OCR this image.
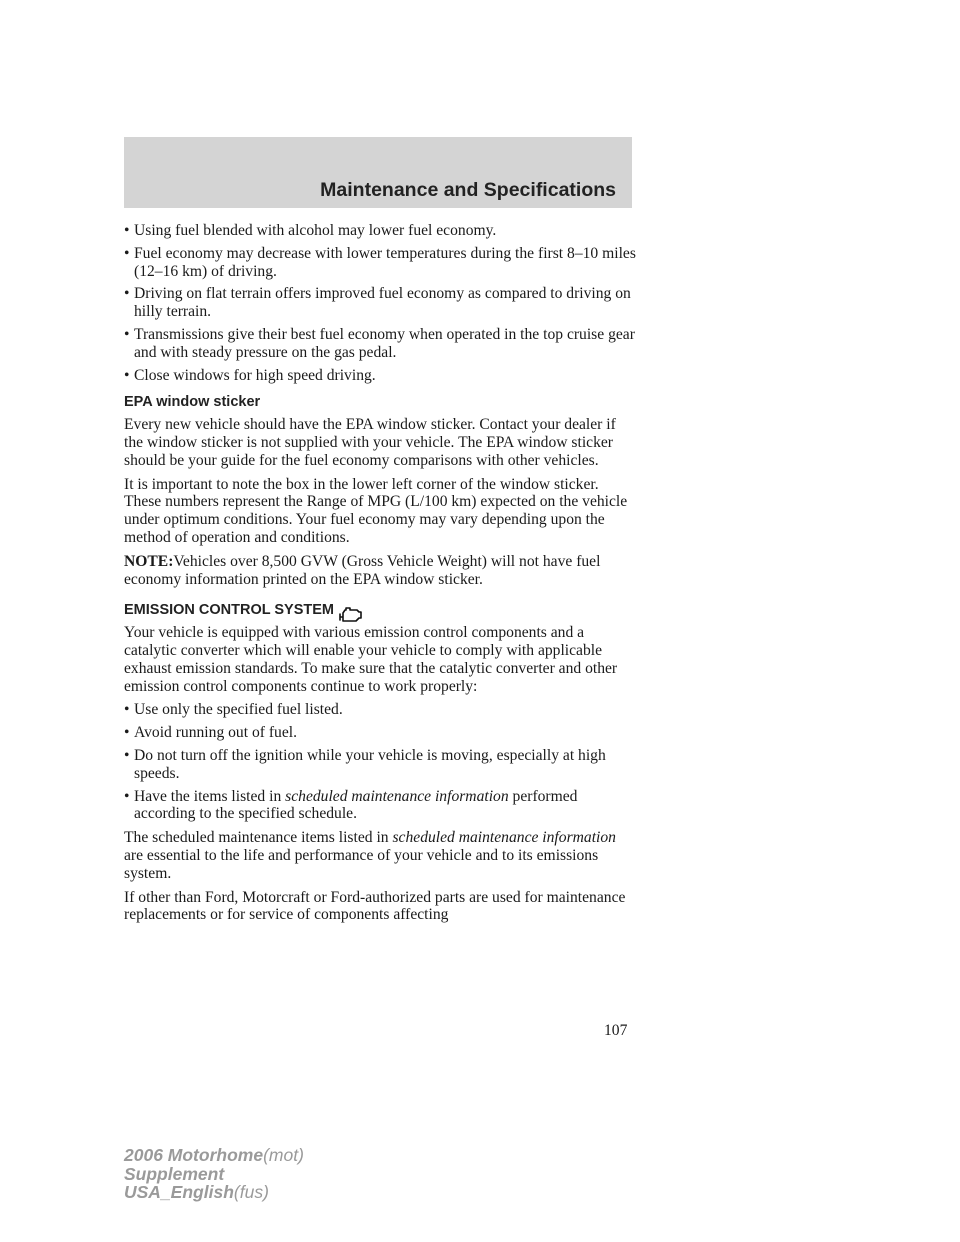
Maintenance and Specifications
• Using fuel blended with alcohol may lower fuel economy.
• Fuel economy may decrease with lower temperatures during the first 8–10 miles (12–16 km) of driving.
• Driving on flat terrain offers improved fuel economy as compared to driving on hilly terrain.
• Transmissions give their best fuel economy when operated in the top cruise gear and with steady pressure on the gas pedal.
• Close windows for high speed driving.
EPA window sticker

Every new vehicle should have the EPA window sticker. Contact your dealer if the window sticker is not supplied with your vehicle. The EPA window sticker should be your guide for the fuel economy comparisons with other vehicles.

It is important to note the box in the lower left corner of the window sticker. These numbers represent the Range of MPG (L/100 km) expected on the vehicle under optimum conditions. Your fuel economy may vary depending upon the method of operation and conditions.

NOTE:Vehicles over 8,500 GVW (Gross Vehicle Weight) will not have fuel economy information printed on the EPA window sticker.

EMISSION CONTROL SYSTEM

Your vehicle is equipped with various emission control components and a catalytic converter which will enable your vehicle to comply with applicable exhaust emission standards. To make sure that the catalytic converter and other emission control components continue to work properly:

• Use only the specified fuel listed.
• Avoid running out of fuel.
• Do not turn off the ignition while your vehicle is moving, especially at high speeds.
• Have the items listed in scheduled maintenance information performed according to the specified schedule.

The scheduled maintenance items listed in scheduled maintenance information are essential to the life and performance of your vehicle and to its emissions system.

If other than Ford, Motorcraft or Ford-authorized parts are used for maintenance replacements or for service of components affecting

107
2006 Motorhome(mot)
Supplement
USA_English(fus)
